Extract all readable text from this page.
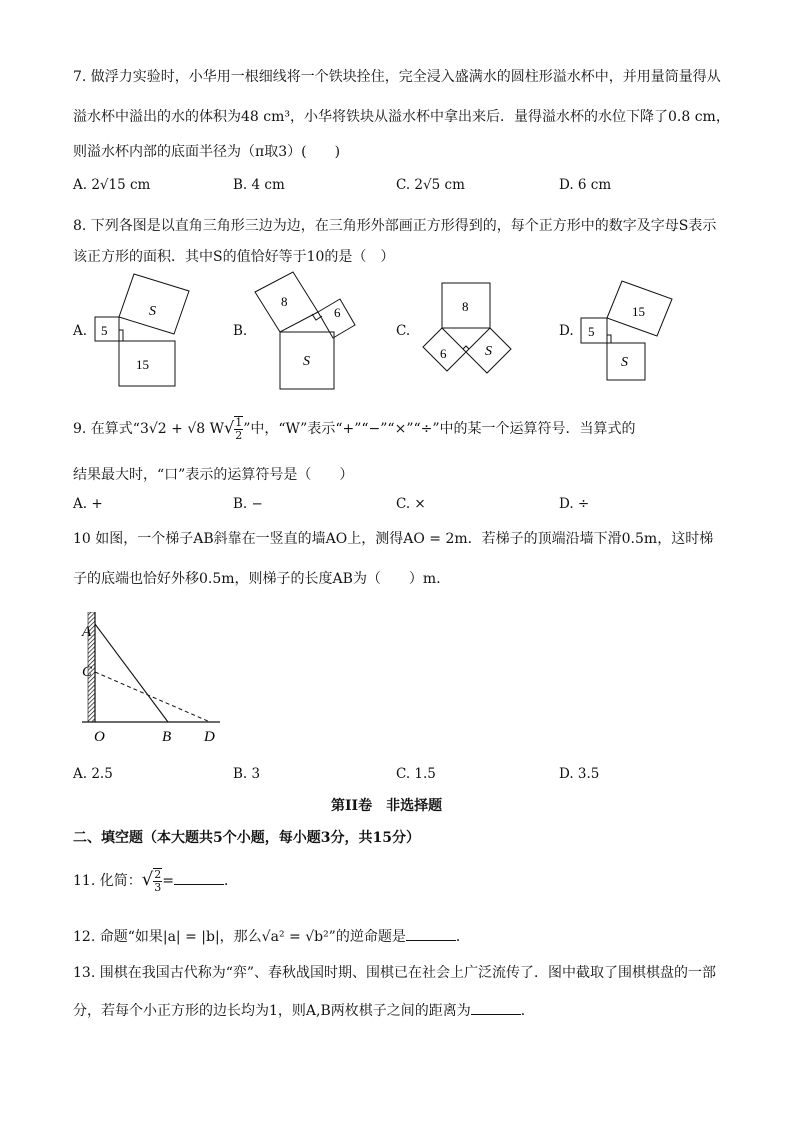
7. 做浮力实验时，小华用一根细线将一个铁块拴住，完全浸入盛满水的圆柱形溢水杯中，并用量筒量得从
溢水杯中溢出的水的体积为48 cm³，小华将铁块从溢水杯中拿出来后．量得溢水杯的水位下降了0.8 cm，
则溢水杯内部的底面半径为（π取3）(　　)
A. 2√15 cm	B. 4 cm	C. 2√5 cm	D. 6 cm
8. 下列各图是以直角三角形三边为边，在三角形外部画正方形得到的，每个正方形中的数字及字母S表示
该正方形的面积．其中S的值恰好等于10的是（　）
A.	B.	C.	D.
5
S
15
8
6
S
8
6	S
5
15
S
9. 在算式“3√2 + √8 $W√ \frac{1}{2}$ ”中，“W”表示“+”“−”“×”“÷”中的某一个运算符号．当算式的
结果最大时，“口”表示的运算符号是（　　）
A. +	B. −	C. ×	D. ÷
10 如图，一个梯子AB斜靠在一竖直的墙AO上，测得AO = 2m．若梯子的顶端沿墙下滑0.5m，这时梯
子的底端也恰好外移0.5m，则梯子的长度AB为（　　）m．
A
C
O	B D
A. 2.5	B. 3	C. 1.5	D. 3.5
第II卷　非选择题
二、填空题（本大题共5个小题，每小题3分，共15分）
11. 化简：√ $\frac{2}{3}$ =	．
12. 命题“如果|a| = |b|，那么√a² = √b²”的逆命题是	．
13. 围棋在我国古代称为“弈”、春秋战国时期、围棋已在社会上广泛流传了．图中截取了围棋棋盘的一部
分，若每个小正方形的边长均为1，则A,B两枚棋子之间的距离为	．
